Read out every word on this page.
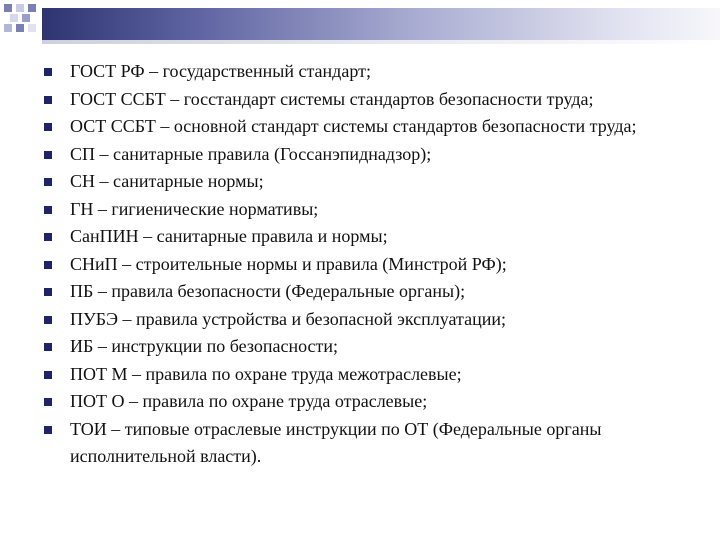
ГОСТ РФ – государственный стандарт;
ГОСТ ССБТ – госстандарт системы стандартов безопасности труда;
ОСТ ССБТ – основной стандарт системы стандартов безопасности труда;
СП – санитарные правила (Госсанэпиднадзор);
СН – санитарные нормы;
ГН – гигиенические нормативы;
СанПИН – санитарные правила и нормы;
СНиП – строительные нормы и правила (Минстрой РФ);
ПБ – правила безопасности (Федеральные органы);
ПУБЭ – правила устройства и безопасной эксплуатации;
ИБ – инструкции по безопасности;
ПОТ М – правила по охране труда межотраслевые;
ПОТ О – правила по охране труда отраслевые;
ТОИ – типовые отраслевые инструкции по ОТ (Федеральные органы исполнительной власти).
